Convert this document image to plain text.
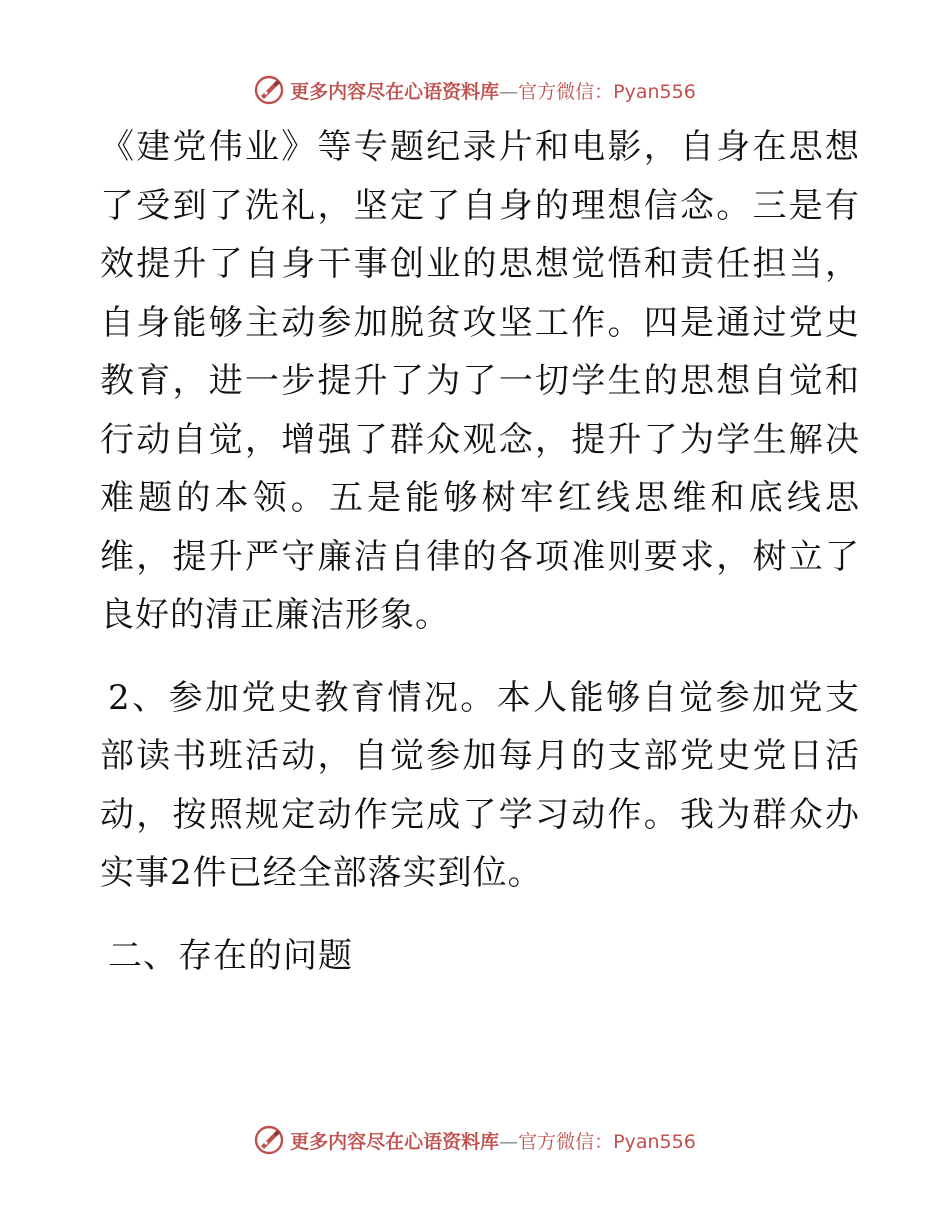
更多内容尽在心语资料库—官方微信：Pyan556

《建党伟业》等专题纪录片和电影，自身在思想了受到了洗礼，坚定了自身的理想信念。三是有效提升了自身干事创业的思想觉悟和责任担当，自身能够主动参加脱贫攻坚工作。四是通过党史教育，进一步提升了为了一切学生的思想自觉和行动自觉，增强了群众观念，提升了为学生解决难题的本领。五是能够树牢红线思维和底线思维，提升严守廉洁自律的各项准则要求，树立了良好的清正廉洁形象。

2、参加党史教育情况。本人能够自觉参加党支部读书班活动，自觉参加每月的支部党史党日活动，按照规定动作完成了学习动作。我为群众办实事2件已经全部落实到位。

二、存在的问题

更多内容尽在心语资料库—官方微信：Pyan556
